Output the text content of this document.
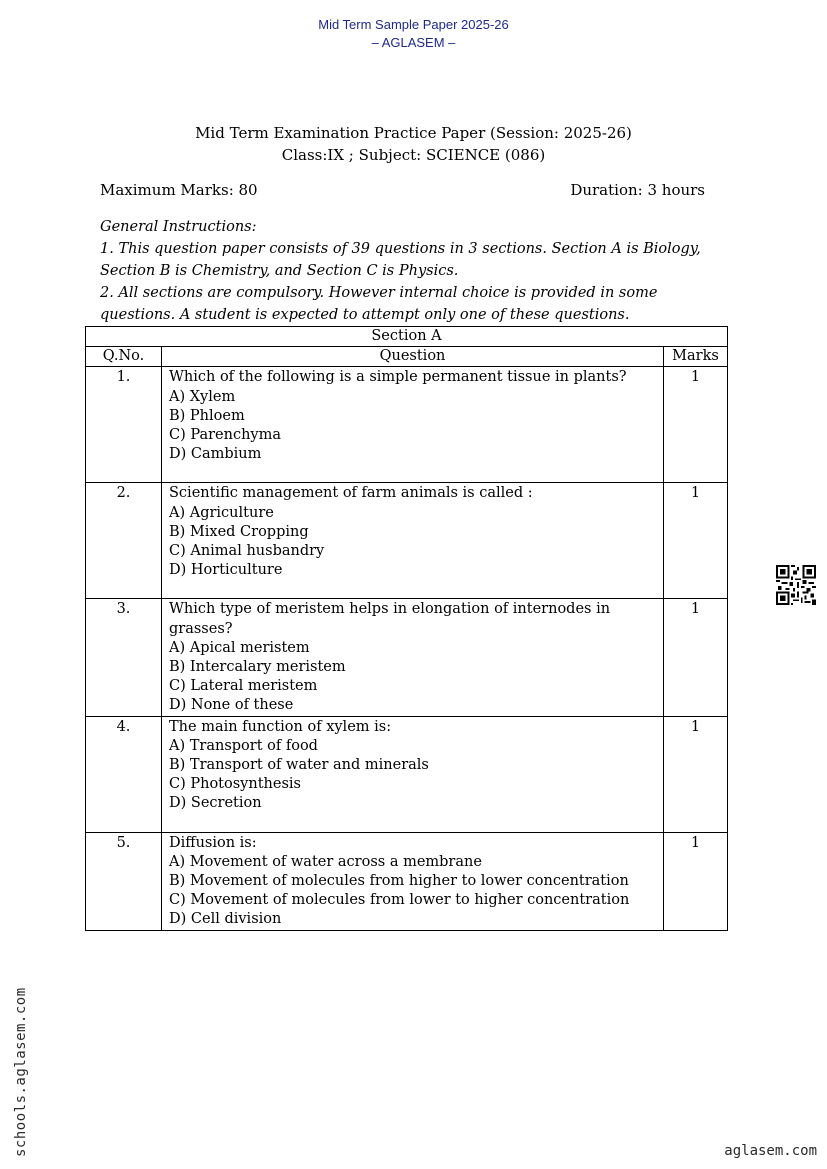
Mid Term Sample Paper 2025-26
– AGLASEM –
Mid Term Examination Practice Paper (Session: 2025-26)
Class:IX ; Subject: SCIENCE (086)
Maximum Marks: 80	Duration: 3 hours

General Instructions:

1. This question paper consists of 39 questions in 3 sections. Section A is Biology, Section B is Chemistry, and Section C is Physics.

2. All sections are compulsory. However internal choice is provided in some questions. A student is expected to attempt only one of these questions.

Section A		
Q.No.	Question	Marks

1.	Which of the following is a simple permanent tissue in plants?
A) Xylem
B) Phloem
C) Parenchyma
D) Cambium	1

2.	Scientific management of farm animals is called :
A) Agriculture
B) Mixed Cropping
C) Animal husbandry
D) Horticulture	1

3.	Which type of meristem helps in elongation of internodes in grasses?
A) Apical meristem
B) Intercalary meristem
C) Lateral meristem
D) None of these	1

4.	The main function of xylem is:
A) Transport of food
B) Transport of water and minerals
C) Photosynthesis
D) Secretion	1

5.	Diffusion is:
A) Movement of water across a membrane
B) Movement of molecules from higher to lower concentration
C) Movement of molecules from lower to higher concentration
D) Cell division	1
schools.aglasem.com	aglasem.com
